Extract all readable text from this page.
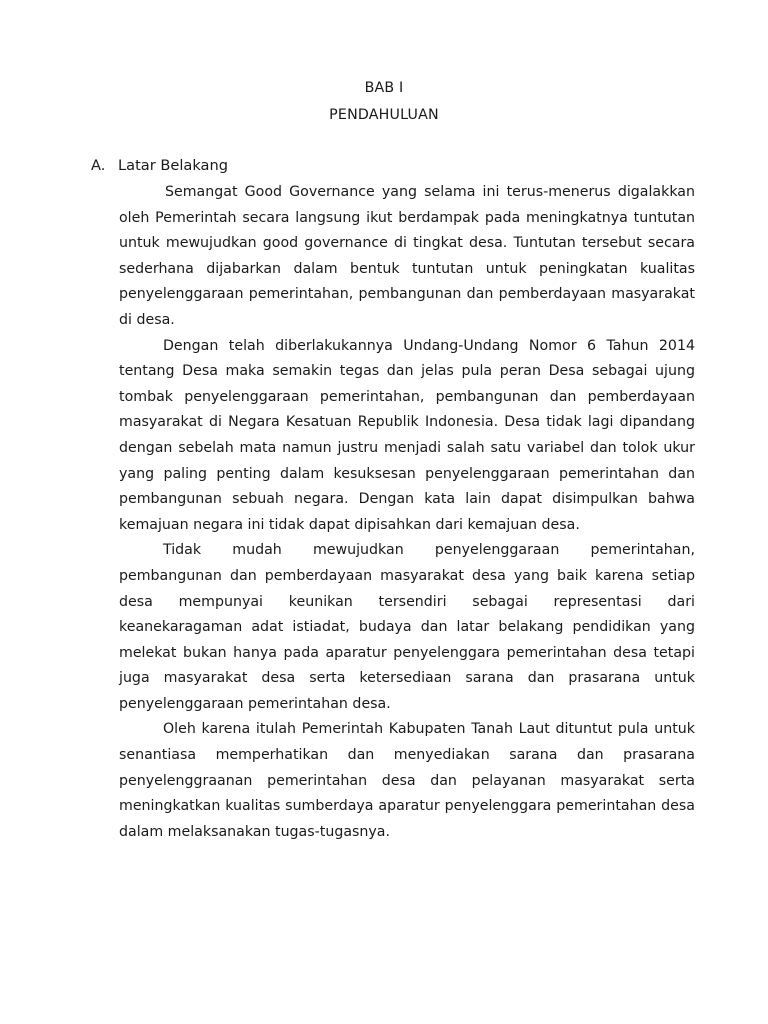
BAB I
PENDAHULUAN
A. Latar Belakang

Semangat Good Governance yang selama ini terus-menerus digalakkan oleh Pemerintah secara langsung ikut berdampak pada meningkatnya tuntutan untuk mewujudkan good governance di tingkat desa. Tuntutan tersebut secara sederhana dijabarkan dalam bentuk tuntutan untuk peningkatan kualitas penyelenggaraan pemerintahan, pembangunan dan pemberdayaan masyarakat di desa.

Dengan telah diberlakukannya Undang-Undang Nomor 6 Tahun 2014 tentang Desa maka semakin tegas dan jelas pula peran Desa sebagai ujung tombak penyelenggaraan pemerintahan, pembangunan dan pemberdayaan masyarakat di Negara Kesatuan Republik Indonesia. Desa tidak lagi dipandang dengan sebelah mata namun justru menjadi salah satu variabel dan tolok ukur yang paling penting dalam kesuksesan penyelenggaraan pemerintahan dan pembangunan sebuah negara. Dengan kata lain dapat disimpulkan bahwa kemajuan negara ini tidak dapat dipisahkan dari kemajuan desa.

Tidak mudah mewujudkan penyelenggaraan pemerintahan, pembangunan dan pemberdayaan masyarakat desa yang baik karena setiap desa mempunyai keunikan tersendiri sebagai representasi dari keanekaragaman adat istiadat, budaya dan latar belakang pendidikan yang melekat bukan hanya pada aparatur penyelenggara pemerintahan desa tetapi juga masyarakat desa serta ketersediaan sarana dan prasarana untuk penyelenggaraan pemerintahan desa.

Oleh karena itulah Pemerintah Kabupaten Tanah Laut dituntut pula untuk senantiasa memperhatikan dan menyediakan sarana dan prasarana penyelenggraanan pemerintahan desa dan pelayanan masyarakat serta meningkatkan kualitas sumberdaya aparatur penyelenggara pemerintahan desa dalam melaksanakan tugas-tugasnya.
